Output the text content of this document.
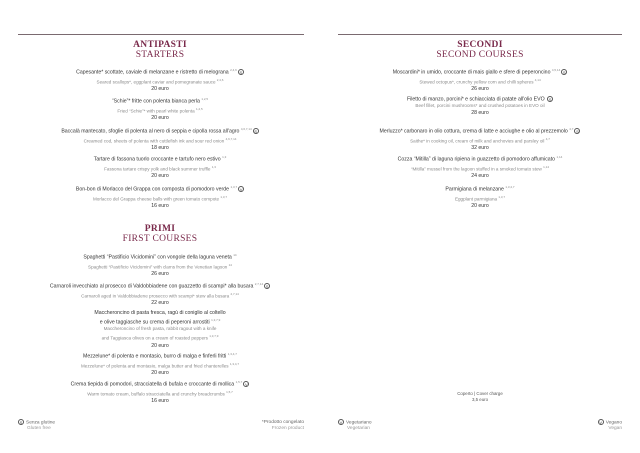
ANTIPASTI
STARTERS
Capesante* scottate, caviale di melanzane e ristretto di melograna $^{2,4,6}$S
Seared scallops*, eggplant caviar and pomegranate sauce $^{2,4,6}$
20 euro
“Schie”* fritte con polenta bianca perla $^{1,2,5}$
Fried “Schie”* with pearl white polenta $^{1,2,5}$
20 euro
Baccalà mantecato, sfoglie di polenta al nero di seppia e cipolla rossa all'agro $^{4,6,7,14}$S
Creamed cod, sheets of polenta with cuttlefish ink and sour red onion $^{4,6,7,14}$
18 euro
Tartare di fassona tuorlo croccante e tartufo nero estivo $^{1,3}$
Fassona tartare crispy yolk and black summer truffle $^{1,3}$
20 euro
Bon-bon di Morlacco del Grappa con composta di pomodoro verde $^{1,3,7}$V
Morlacco del Grappa cheese balls with green tomato compote $^{1,3,7}$
16 euro
PRIMI
FIRST COURSES
Spaghetti “Pastificio Vicidomini” con vongole della laguna veneta $^{14}$
Spaghetti “Pastificio Vicidomini” with clams from the Venetian lagoon $^{14}$
26 euro
Carnaroli invecchiato al prosecco di Valdobbiadene con guazzetto di scampi* alla busara $^{2,7,14}$S
Carnaroli aged in Valdobbiadene prosecco with scampi* stew alla busara $^{2,7,14}$
22 euro
Maccheroncino di pasta fresca, ragù di coniglio al coltello
e olive taggiasche su crema di peperoni arrostiti $^{1,3,7,9}$
Maccheroncino of fresh pasta, rabbit ragout with a knife
and Taggiasca olives on a cream of roasted peppers $^{1,3,7,9}$
20 euro
Mezzelune* di polenta e montasio, burro di malga e finferli fritti $^{1,3,4,7}$
Mezzelune* of polenta and montasio, malga butter and fried chanterelles $^{1,3,4,7}$
20 euro
Crema tiepida di pomodori, stracciatella di bufala e croccante di mollica $^{1,5,7}$V
Warm tomato cream, buffalo stracciatella and crunchy breadcrumbs $^{1,5,7}$
16 euro
S Senza glutine
Gluten free
*Prodotto congelato
Frozen product
SECONDI
SECOND COURSES
Moscardini* in umido, croccante di mais giallo e sfere di peperoncino $^{4,5,14}$S
Stewed octopus*, crunchy yellow corn and chilli spheres $^{4,14}$
26 euro
Filetto di manzo, porcini* e schiacciata di patate all'olio EVO S
Beef fillet, porcini mushrooms* and crushed potatoes in EVO oil
28 euro
Merluzzo* carbonaro in olio cottura, crema di latte e acciughe e olio al prezzemolo $^{4,7}$S
Saithe* in cooking oil, cream of milk and anchovies and parsley oil $^{4,7}$
32 euro
Cozza “Mitilla” di laguna ripiena in guazzetto di pomodoro affumicato $^{1,14}$
“Mitilla” mussel from the lagoon stuffed in a smoked tomato stew $^{1,14}$
24 euro
Parmigiana di melanzane $^{1,3,4,7}$
Eggplant parmigiana $^{1,3,7}$
20 euro
Coperto | Cover charge
3,5 euro
V Vegetariano
Vegetarian
V Vegano
Vegan
